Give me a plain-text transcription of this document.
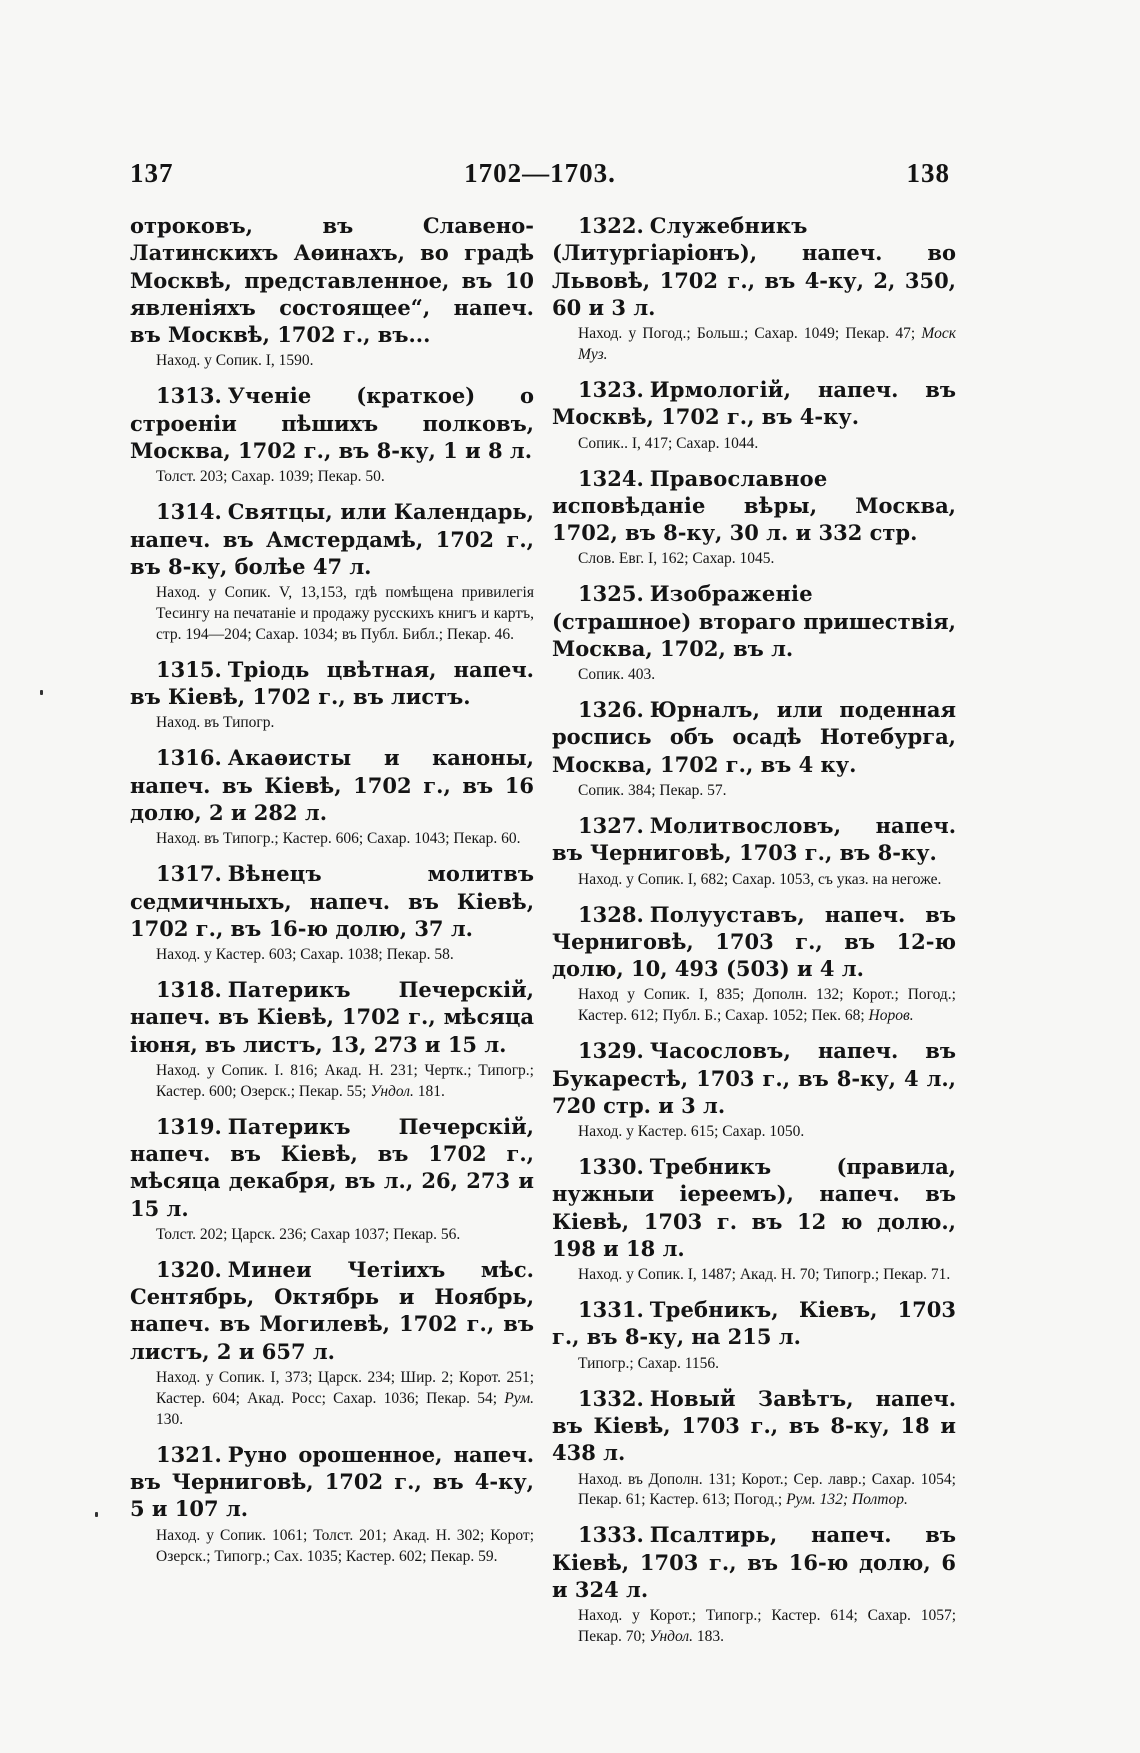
137	1702—1703.	138
отроковъ, въ Славено-Латинскихъ Аѳинахъ, во градѣ Москвѣ, представленное, въ 10 явленіяхъ состоящее“, напеч. въ Москвѣ, 1702 г., въ...
Наход. у Сопик. I, 1590.
1313. Ученіе (краткое) о строеніи пѣшихъ полковъ, Москва, 1702 г., въ 8-ку, 1 и 8 л.
Толст. 203; Сахар. 1039; Пекар. 50.
1314. Святцы, или Календарь, напеч. въ Амстердамѣ, 1702 г., въ 8-ку, болѣе 47 л.
Наход. у Сопик. V, 13,153, гдѣ помѣщена привилегія Тесингу на печатаніе и продажу русскихъ книгъ и картъ, стр. 194—204; Сахар. 1034; въ Публ. Библ.; Пекар. 46.
1315. Тріодь цвѣтная, напеч. въ Кіевѣ, 1702 г., въ листъ.
Наход. въ Типогр.
1316. Акаѳисты и каноны, напеч. въ Кіевѣ, 1702 г., въ 16 долю, 2 и 282 л.
Наход. въ Типогр.; Кастер. 606; Сахар. 1043; Пекар. 60.
1317. Вѣнецъ	молитвъ седмичныхъ, напеч. въ Кіевѣ, 1702 г., въ 16-ю долю, 37 л.
Наход. у Кастер. 603; Сахар. 1038; Пекар. 58.
1318. Патерикъ Печерскій, напеч. въ Кіевѣ, 1702 г., мѣсяца іюня, въ листъ, 13, 273 и 15 л.
Наход. у Сопик. I. 816; Акад. Н. 231; Чертк.; Типогр.; Кастер. 600; Озерск.; Пекар. 55; Ундол. 181.
1319. Патерикъ Печерскій, напеч. въ Кіевѣ, въ 1702 г., мѣсяца декабря, въ л., 26, 273 и 15 л.
Толст. 202; Царск. 236; Сахар 1037; Пекар. 56.
1320. Минеи Четіихъ мѣс. Сентябрь, Октябрь и Ноябрь, напеч. въ Могилевѣ, 1702 г., въ листъ, 2 и 657 л.
Наход. у Сопик. I, 373; Царск. 234; Шир. 2; Корот. 251; Кастер. 604; Акад. Росс; Сахар. 1036; Пекар. 54; Рум. 130.
1321. Руно орошенное, напеч. въ Черниговѣ, 1702 г., въ 4-ку, 5 и 107 л.
Наход. у Сопик. 1061; Толст. 201; Акад. Н. 302; Корот; Озерск.; Типогр.; Сах. 1035; Кастер. 602; Пекар. 59.
1322. Служебникъ (Литургіаріонъ), напеч. во Львовѣ, 1702 г., въ 4-ку, 2, 350, 60 и 3 л.
Наход. у Погод.; Больш.; Сахар. 1049; Пекар. 47; Моск Муз.
1323. Ирмологій, напеч. въ Москвѣ, 1702 г., въ 4-ку.
Сопик.. I, 417; Сахар. 1044.
1324. Православное исповѣданіе вѣры, Москва, 1702, въ 8-ку, 30 л. и 332 стр.
Слов. Евг. I, 162; Сахар. 1045.
1325. Изображеніе (страшное) втораго пришествія, Москва, 1702, въ л.
Сопик. 403.
1326. Юрналъ, или поденная роспись объ осадѣ Нотебурга, Москва, 1702 г., въ 4 ку.
Сопик. 384; Пекар. 57.
1327. Молитвословъ, напеч. въ Черниговѣ, 1703 г., въ 8-ку.
Наход. у Сопик. I, 682; Сахар. 1053, съ указ. на негоже.
1328. Полууставъ, напеч. въ Черниговѣ, 1703 г., въ 12-ю долю, 10, 493 (503) и 4 л.
Наход у Сопик. I, 835; Дополн. 132; Корот.; Погод.; Кастер. 612; Публ. Б.; Сахар. 1052; Пек. 68; Норов.
1329. Часословъ, напеч. въ Букарестѣ, 1703 г., въ 8-ку, 4 л., 720 стр. и 3 л.
Наход. у Кастер. 615; Сахар. 1050.
1330. Требникъ	(правила, нужныи іереемъ), напеч. въ Кіевѣ, 1703 г. въ 12 ю долю., 198 и 18 л.
Наход. у Сопик. I, 1487; Акад. Н. 70; Типогр.; Пекар. 71.
1331. Требникъ, Кіевъ, 1703 г., въ 8-ку, на 215 л.
Типогр.; Сахар. 1156.
1332. Новый Завѣтъ, напеч. въ Кіевѣ, 1703 г., въ 8-ку, 18 и 438 л.
Наход. въ Дополн. 131; Корот.; Сер. лавр.; Сахар. 1054; Пекар. 61; Кастер. 613; Погод.; Рум. 132; Полтор.
1333. Псалтирь, напеч. въ Кіевѣ, 1703 г., въ 16-ю долю, 6 и 324 л.
Наход. у Корот.; Типогр.; Кастер. 614; Сахар. 1057; Пекар. 70; Ундол. 183.
